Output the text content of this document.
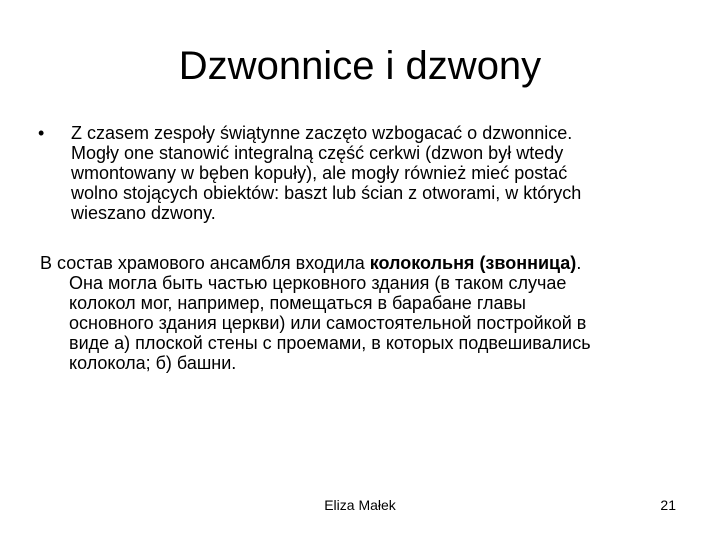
Dzwonnice i dzwony
•	Z czasem zespoły świątynne zaczęto wzbogacać o dzwonnice.
Mogły one stanowić integralną część cerkwi (dzwon był wtedy
wmontowany w bęben kopuły), ale mogły również mieć postać
wolno stojących obiektów: baszt lub ścian z otworami, w których
wieszano dzwony.
В состав храмового ансамбля входила колокольня (звонница).
Она могла быть частью церковного здания (в таком случае
колокол мог, например, помещаться в барабане главы
основного здания церкви) или самостоятельной постройкой в
виде а) плоской стены с проемами, в которых подвешивались
колокола; б) башни.
Eliza Małek	21
